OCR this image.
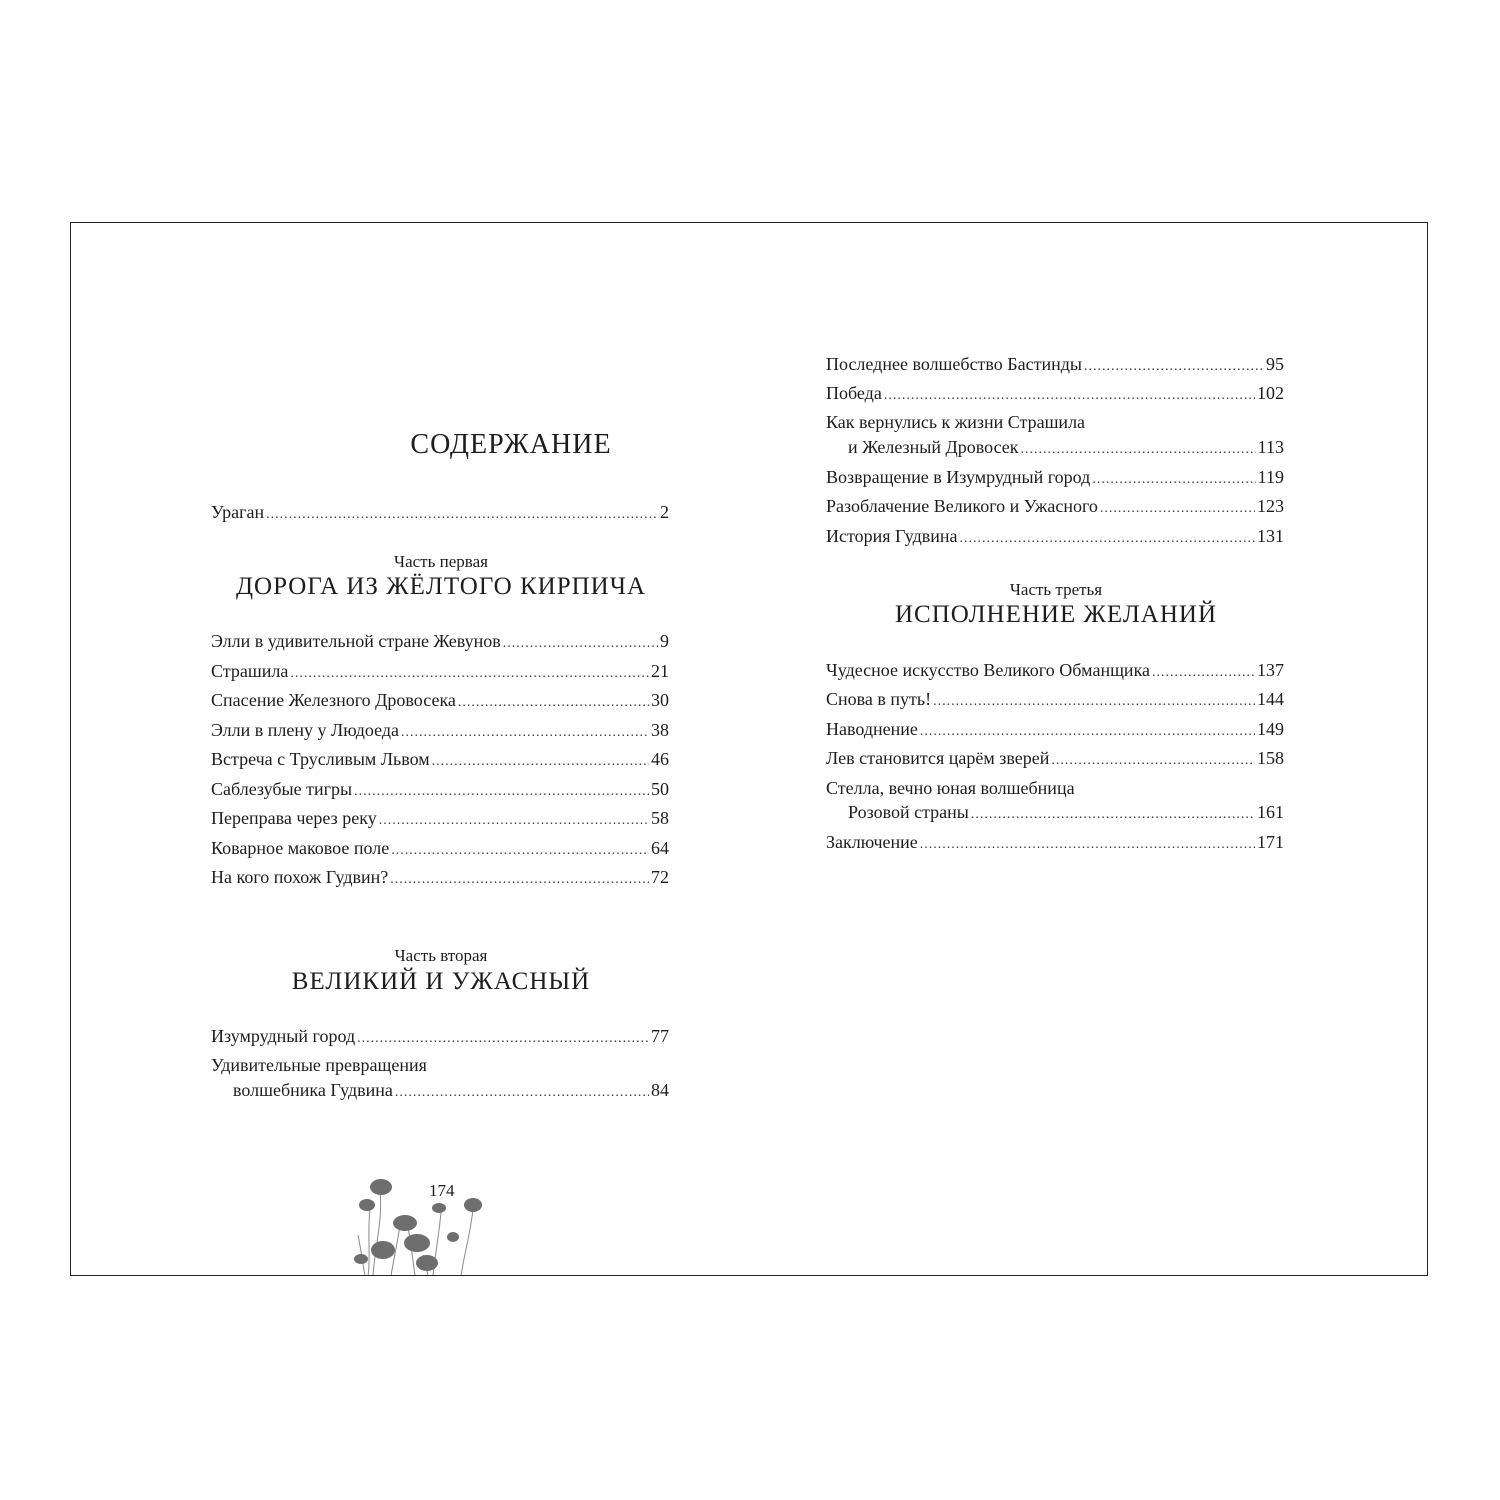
СОДЕРЖАНИЕ
Ураган .....	2
Часть первая
ДОРОГА ИЗ ЖЁЛТОГО КИРПИЧА
Элли в удивительной стране Жевунов .....	9
Страшила .....	21
Спасение Железного Дровосека .....	30
Элли в плену у Людоеда .....	38
Встреча с Трусливым Львом .....	46
Саблезубые тигры .....	50
Переправа через реку .....	58
Коварное маковое поле .....	64
На кого похож Гудвин? .....	72
Часть вторая
ВЕЛИКИЙ И УЖАСНЫЙ
Изумрудный город .....	77
Удивительные превращения
волшебника Гудвина .....	84
174
Последнее волшебство Бастинды .....	95
Победа .....	102
Как вернулись к жизни Страшила
и Железный Дровосек .....	113
Возвращение в Изумрудный город .....	119
Разоблачение Великого и Ужасного .....	123
История Гудвина .....	131
Часть третья
ИСПОЛНЕНИЕ ЖЕЛАНИЙ
Чудесное искусство Великого Обманщика .....	137
Снова в путь! .....	144
Наводнение .....	149
Лев становится царём зверей .....	158
Стелла, вечно юная волшебница
Розовой страны .....	161
Заключение .....	171
